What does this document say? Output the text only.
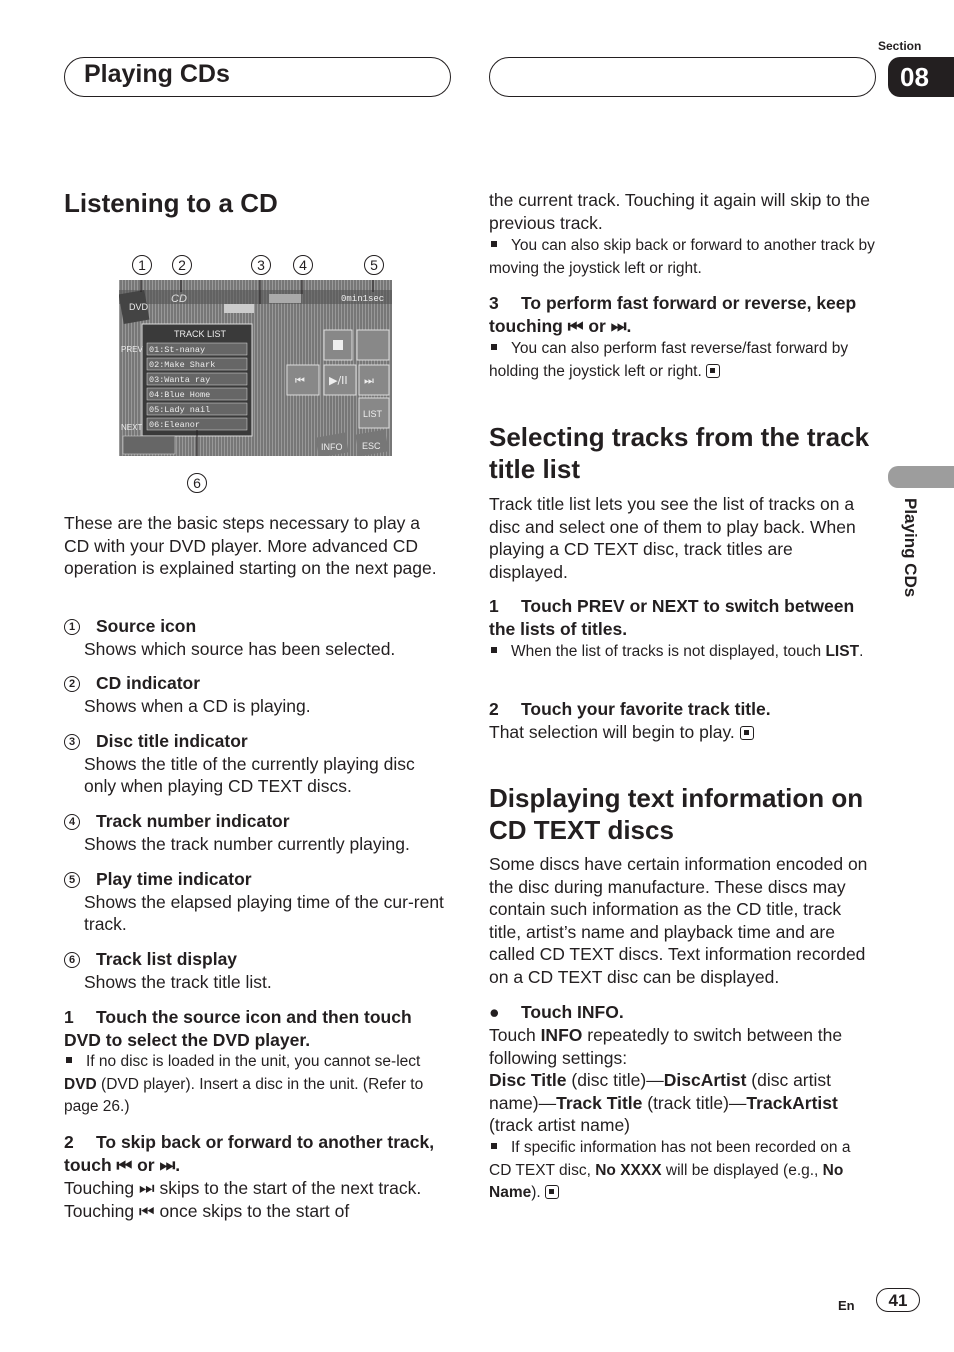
Playing CDs
Section
08
Playing CDs
Listening to a CD
1	2	3	4	5
6
DVD
CD	0min1sec
TRACK LIST
01:St-nanay
02:Make Shark
03:Wanta ray
04:Blue Home
05:Lady nail
06:Eleanor
PREV
NEXT
⏮ ▶/II ⏭
LIST
INFO ESC
These are the basic steps necessary to play a CD with your DVD player. More advanced CD operation is explained starting on the next page.
1 Source icon
Shows which source has been selected.
2 CD indicator
Shows when a CD is playing.
3 Disc title indicator
Shows the title of the currently playing disc only when playing CD TEXT discs.
4 Track number indicator
Shows the track number currently playing.
5 Play time indicator
Shows the elapsed playing time of the cur-rent track.
6 Track list display
Shows the track title list.
1 Touch the source icon and then touch DVD to select the DVD player.
If no disc is loaded in the unit, you cannot se-lect DVD (DVD player). Insert a disc in the unit. (Refer to page 26.)
2 To skip back or forward to another track, touch ⏮ or ⏭.
Touching ⏭ skips to the start of the next track. Touching ⏮ once skips to the start of
the current track. Touching it again will skip to the previous track.
You can also skip back or forward to another track by moving the joystick left or right.
3 To perform fast forward or reverse, keep touching ⏮ or ⏭.
You can also perform fast reverse/fast forward by holding the joystick left or right.
Selecting tracks from the track title list
Track title list lets you see the list of tracks on a disc and select one of them to play back. When playing a CD TEXT disc, track titles are displayed.
1 Touch PREV or NEXT to switch between the lists of titles.
When the list of tracks is not displayed, touch LIST.
2 Touch your favorite track title.
That selection will begin to play.
Displaying text information on CD TEXT discs
Some discs have certain information encoded on the disc during manufacture. These discs may contain such information as the CD title, track title, artist’s name and playback time and are called CD TEXT discs. Text information recorded on a CD TEXT disc can be displayed.
● Touch INFO.
Touch INFO repeatedly to switch between the following settings:
Disc Title (disc title)—DiscArtist (disc artist name)—Track Title (track title)—TrackArtist (track artist name)
If specific information has not been recorded on a CD TEXT disc, No XXXX will be displayed (e.g., No Name).
En	41
